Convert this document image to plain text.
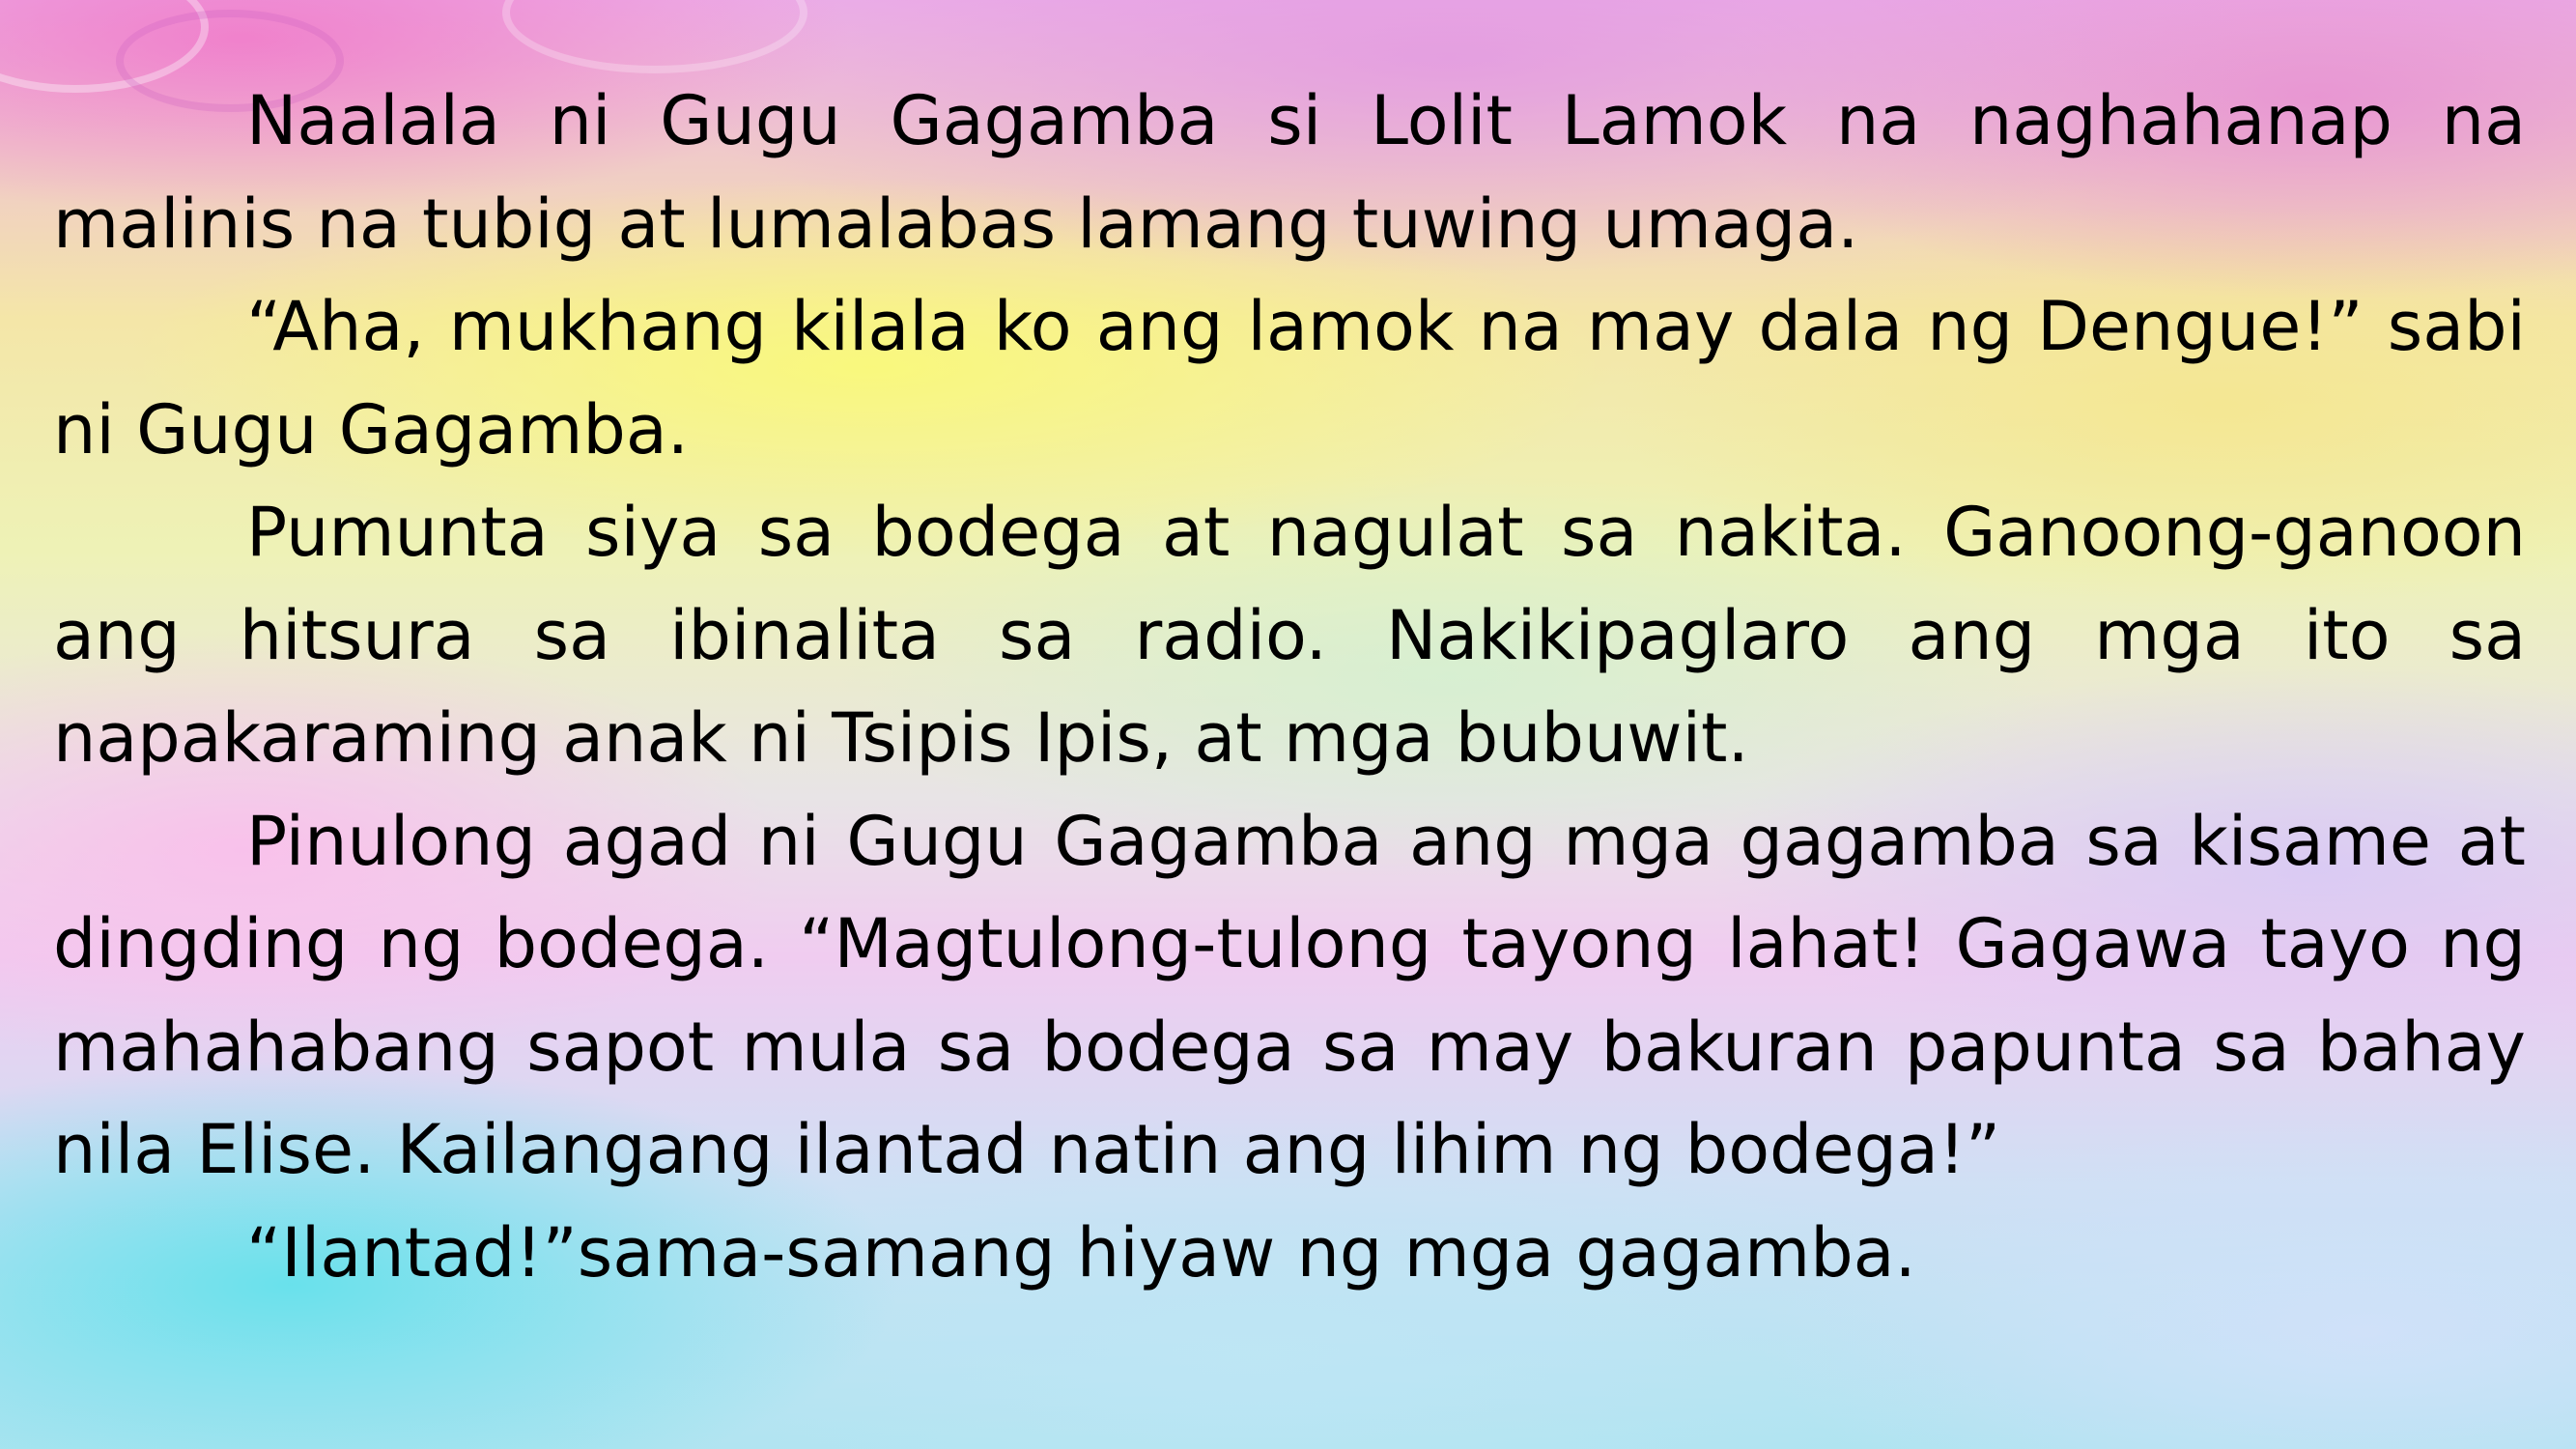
Naalala ni Gugu Gagamba si Lolit Lamok na naghahanap na malinis na tubig at lumalabas lamang tuwing umaga.

“Aha, mukhang kilala ko ang lamok na may dala ng Dengue!” sabi ni Gugu Gagamba.

Pumunta siya sa bodega at nagulat sa nakita. Ganoong-ganoon ang hitsura sa ibinalita sa radio. Nakikipaglaro ang mga ito sa napakaraming anak ni Tsipis Ipis, at mga bubuwit.

Pinulong agad ni Gugu Gagamba ang mga gagamba sa kisame at dingding ng bodega. “Magtulong-tulong tayong lahat! Gagawa tayo ng mahahabang sapot mula sa bodega sa may bakuran papunta sa bahay nila Elise. Kailangang ilantad natin ang lihim ng bodega!”

“Ilantad!”sama-samang hiyaw ng mga gagamba.
